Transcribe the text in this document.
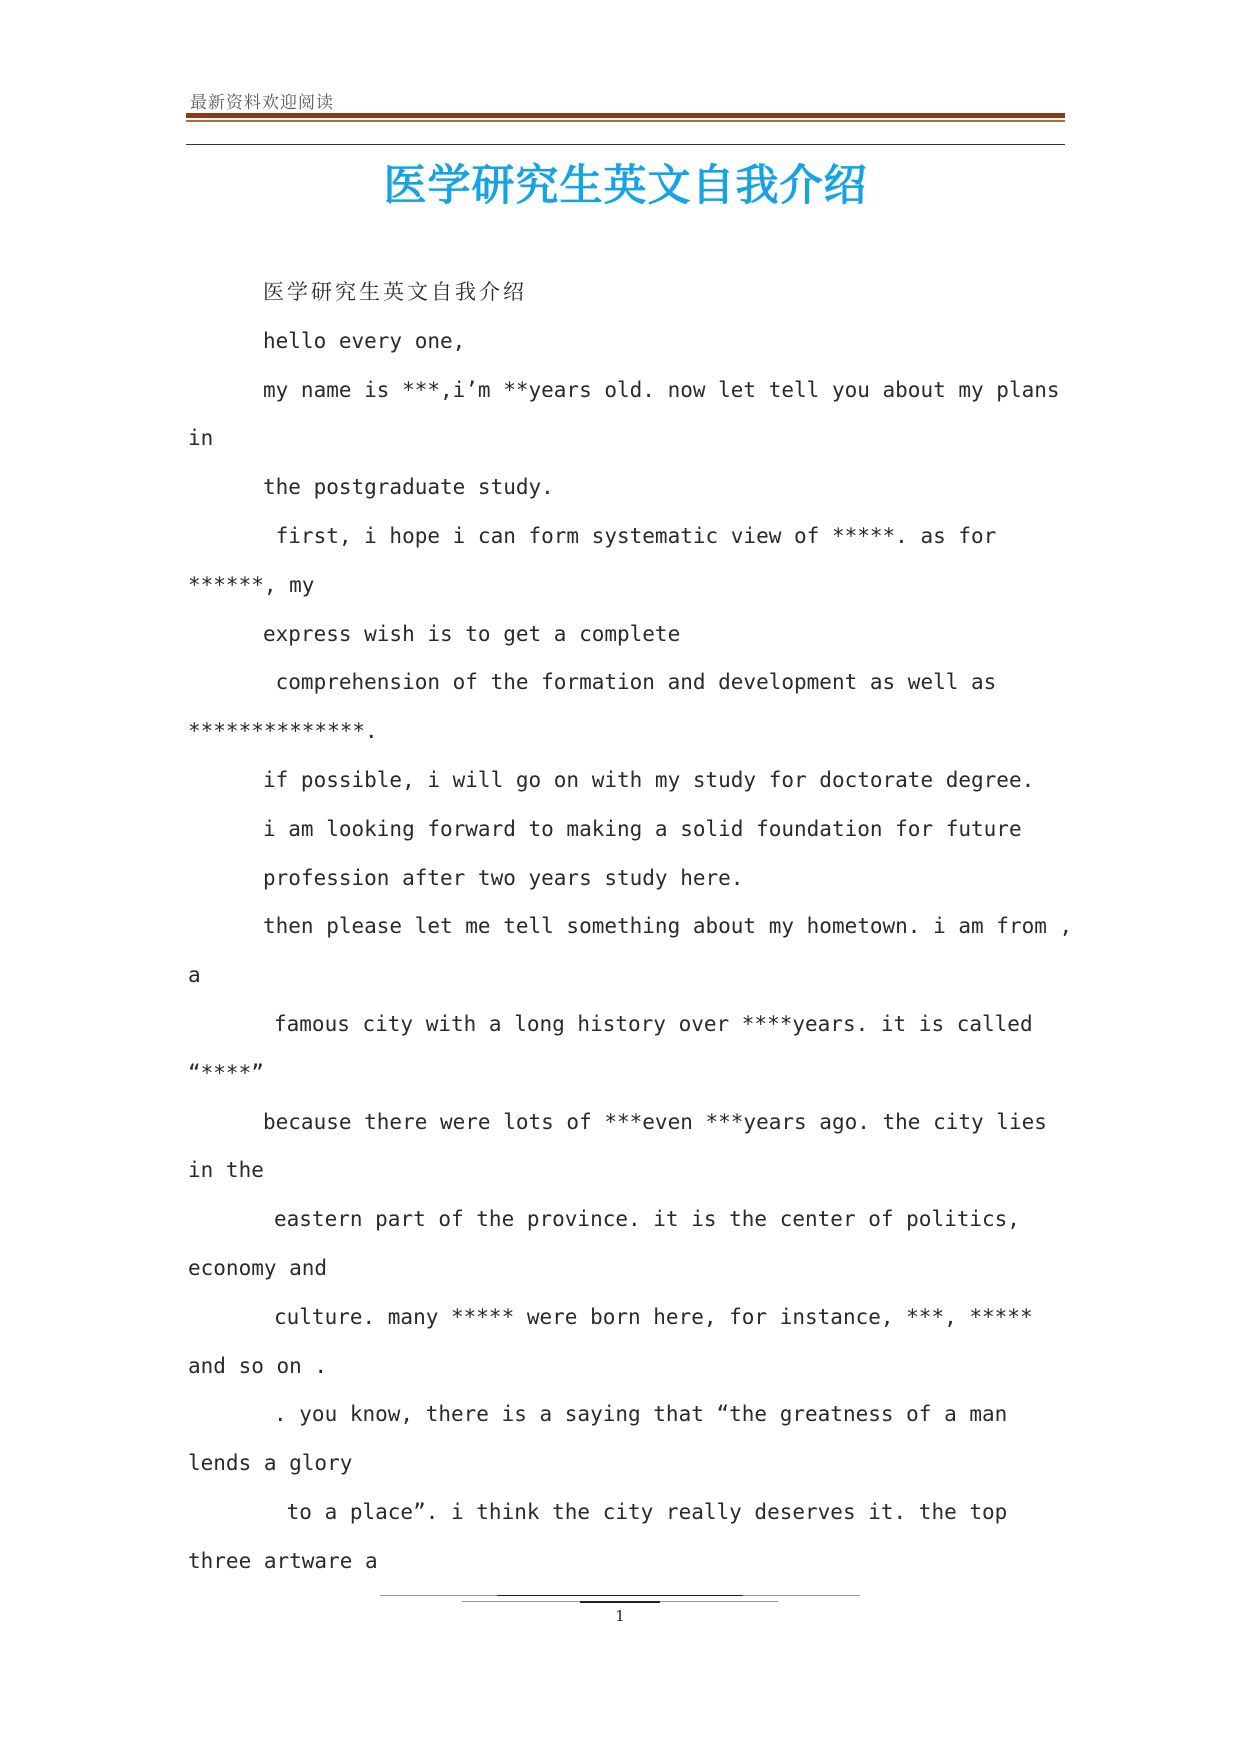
最新资料欢迎阅读
医学研究生英文自我介绍

医学研究生英文自我介绍

hello every one,

my name is ***,i’m **years old. now let tell you about my plans

in

the postgraduate study.

first, i hope i can form systematic view of *****. as for

******, my

express wish is to get a complete

comprehension of the formation and development as well as

**************.

if possible, i will go on with my study for doctorate degree.

i am looking forward to making a solid foundation for future

profession after two years study here.

then please let me tell something about my hometown. i am from ,

a

famous city with a long history over ****years. it is called

“****”

because there were lots of ***even ***years ago. the city lies

in the

eastern part of the province. it is the center of politics,

economy and

culture. many ***** were born here, for instance, ***, *****

and so on .

. you know, there is a saying that “the greatness of a man

lends a glory

to a place”. i think the city really deserves it. the top

three artware a

1
